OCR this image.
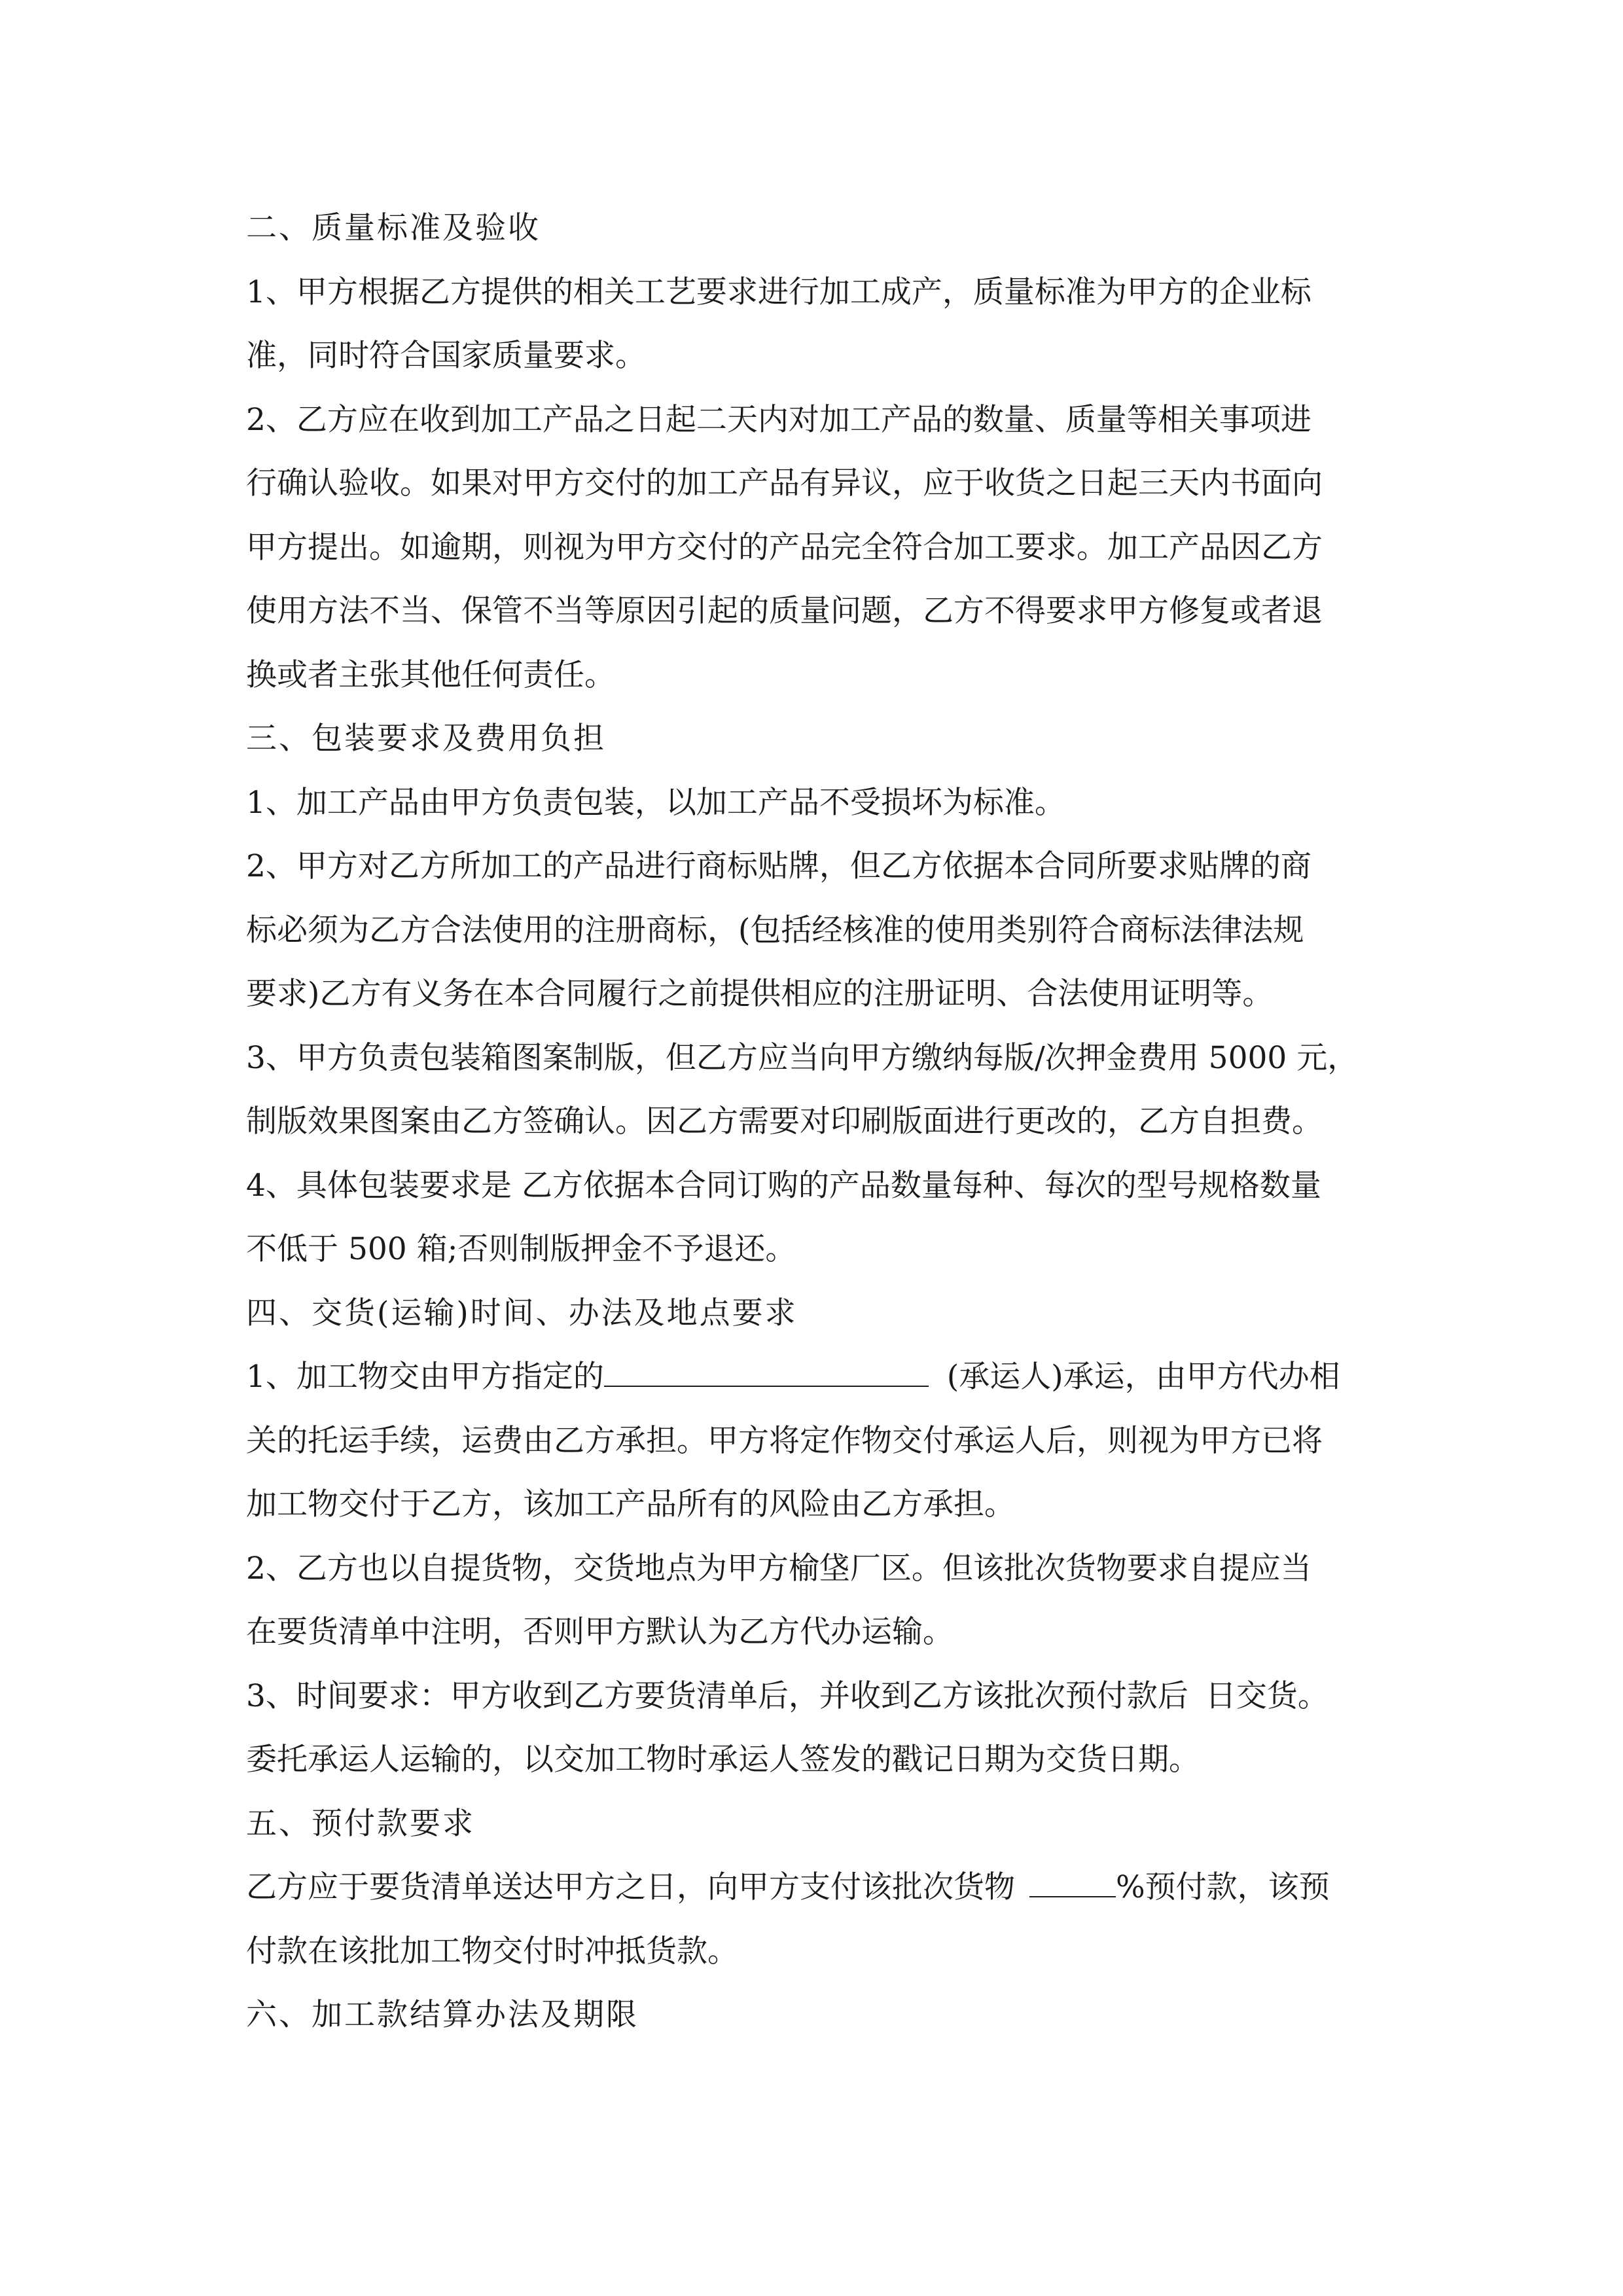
二、质量标准及验收
1、甲方根据乙方提供的相关工艺要求进行加工成产，质量标准为甲方的企业标
准，同时符合国家质量要求。
2、乙方应在收到加工产品之日起二天内对加工产品的数量、质量等相关事项进
行确认验收。如果对甲方交付的加工产品有异议，应于收货之日起三天内书面向
甲方提出。如逾期，则视为甲方交付的产品完全符合加工要求。加工产品因乙方
使用方法不当、保管不当等原因引起的质量问题，乙方不得要求甲方修复或者退
换或者主张其他任何责任。
三、包装要求及费用负担
1、加工产品由甲方负责包装，以加工产品不受损坏为标准。
2、甲方对乙方所加工的产品进行商标贴牌，但乙方依据本合同所要求贴牌的商
标必须为乙方合法使用的注册商标，(包括经核准的使用类别符合商标法律法规
要求)乙方有义务在本合同履行之前提供相应的注册证明、合法使用证明等。
3、甲方负责包装箱图案制版，但乙方应当向甲方缴纳每版/次押金费用 5000 元，
制版效果图案由乙方签确认。因乙方需要对印刷版面进行更改的，乙方自担费。
4、具体包装要求是 乙方依据本合同订购的产品数量每种、每次的型号规格数量
不低于 500 箱;否则制版押金不予退还。
四、交货(运输)时间、办法及地点要求
1、加工物交由甲方指定的	(承运人)承运，由甲方代办相
关的托运手续，运费由乙方承担。甲方将定作物交付承运人后，则视为甲方已将
加工物交付于乙方，该加工产品所有的风险由乙方承担。
2、乙方也以自提货物，交货地点为甲方榆垡厂区。但该批次货物要求自提应当
在要货清单中注明，否则甲方默认为乙方代办运输。
3、时间要求：甲方收到乙方要货清单后，并收到乙方该批次预付款后 日交货。
委托承运人运输的，以交加工物时承运人签发的戳记日期为交货日期。
五、预付款要求
乙方应于要货清单送达甲方之日，向甲方支付该批次货物	%预付款，该预
付款在该批加工物交付时冲抵货款。
六、加工款结算办法及期限
